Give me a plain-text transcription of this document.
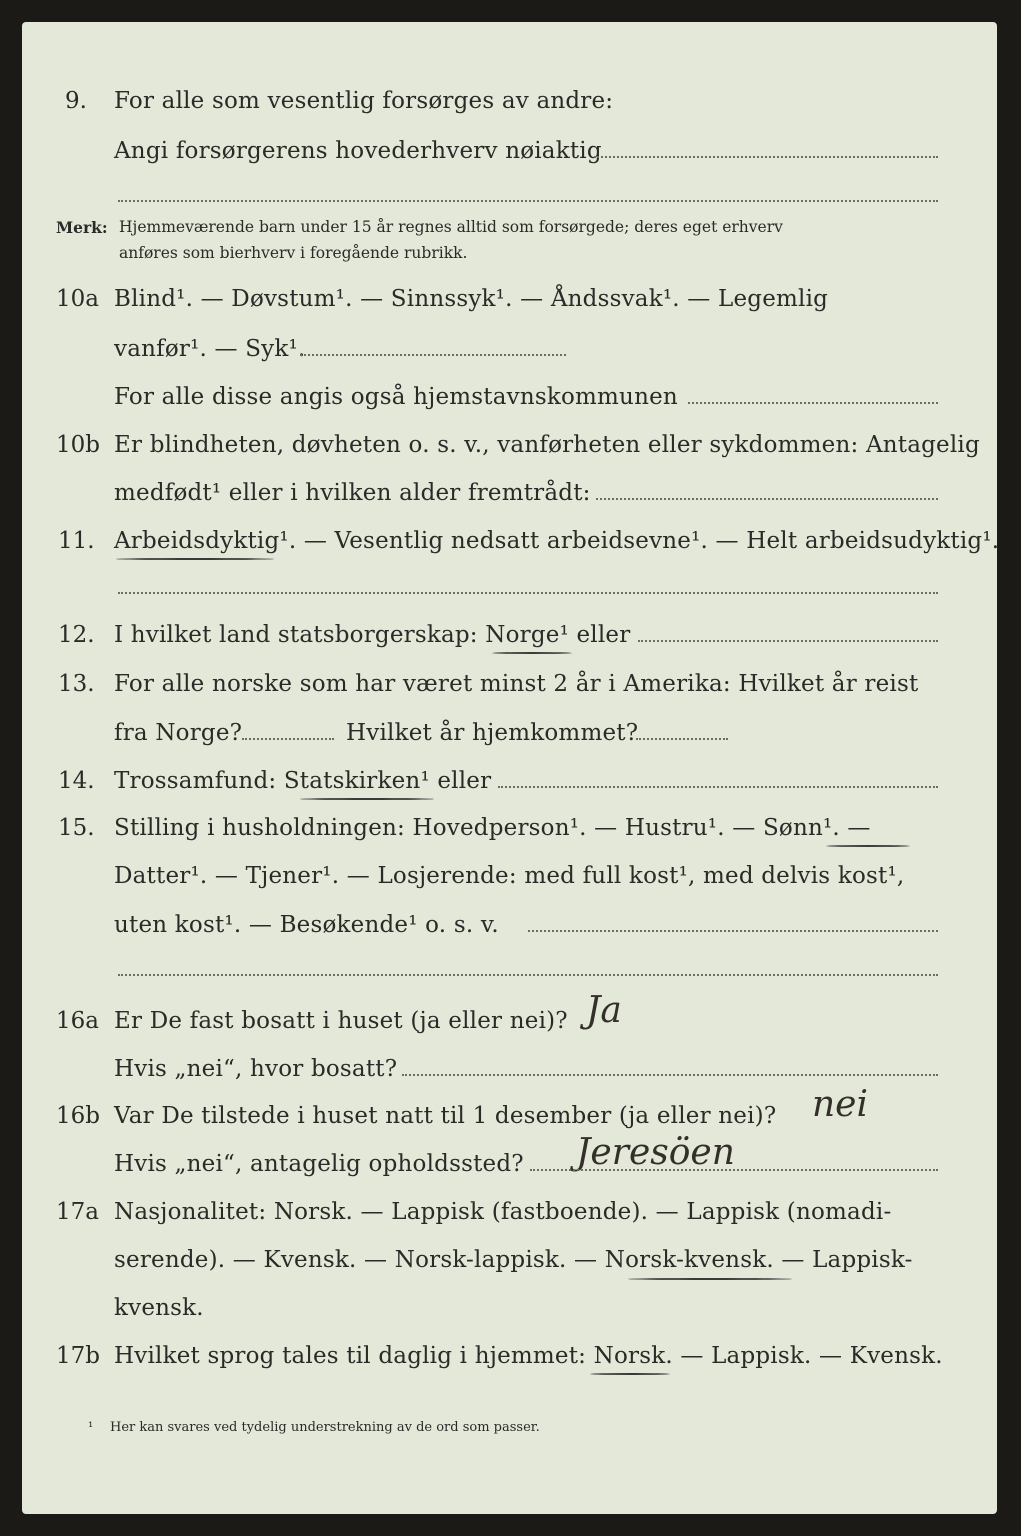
9. For alle som vesentlig forsørges av andre:
Angi forsørgerens hovederhverv nøiaktig
Merk: Hjemmeværende barn under 15 år regnes alltid som forsørgede; deres eget erhverv
anføres som bierhverv i foregående rubrikk.
10a Blind¹. — Døvstum¹. — Sinnssyk¹. — Åndssvak¹. — Legemlig
vanfør¹. — Syk¹.
For alle disse angis også hjemstavnskommunen
10b Er blindheten, døvheten o. s. v., vanførheten eller sykdommen: Antagelig
medfødt¹ eller i hvilken alder fremtrådt:
11. Arbeidsdyktig¹. — Vesentlig nedsatt arbeidsevne¹. — Helt arbeidsudyktig¹.
12. I hvilket land statsborgerskap: Norge¹ eller
13. For alle norske som har været minst 2 år i Amerika: Hvilket år reist
fra Norge?	Hvilket år hjemkommet?
14. Trossamfund: Statskirken¹ eller
15. Stilling i husholdningen: Hovedperson¹. — Hustru¹. — Sønn¹. —
Datter¹. — Tjener¹. — Losjerende: med full kost¹, med delvis kost¹,
uten kost¹. — Besøkende¹ o. s. v.
16a Er De fast bosatt i huset (ja eller nei)? Ja
Hvis „nei“, hvor bosatt?
16b Var De tilstede i huset natt til 1 desember (ja eller nei)? nei
Hvis „nei“, antagelig opholdssted? Jeresöen
17a Nasjonalitet: Norsk. — Lappisk (fastboende). — Lappisk (nomadi-
serende). — Kvensk. — Norsk-lappisk. — Norsk-kvensk. — Lappisk-
kvensk.
17b Hvilket sprog tales til daglig i hjemmet: Norsk. — Lappisk. — Kvensk.
¹ Her kan svares ved tydelig understrekning av de ord som passer.
